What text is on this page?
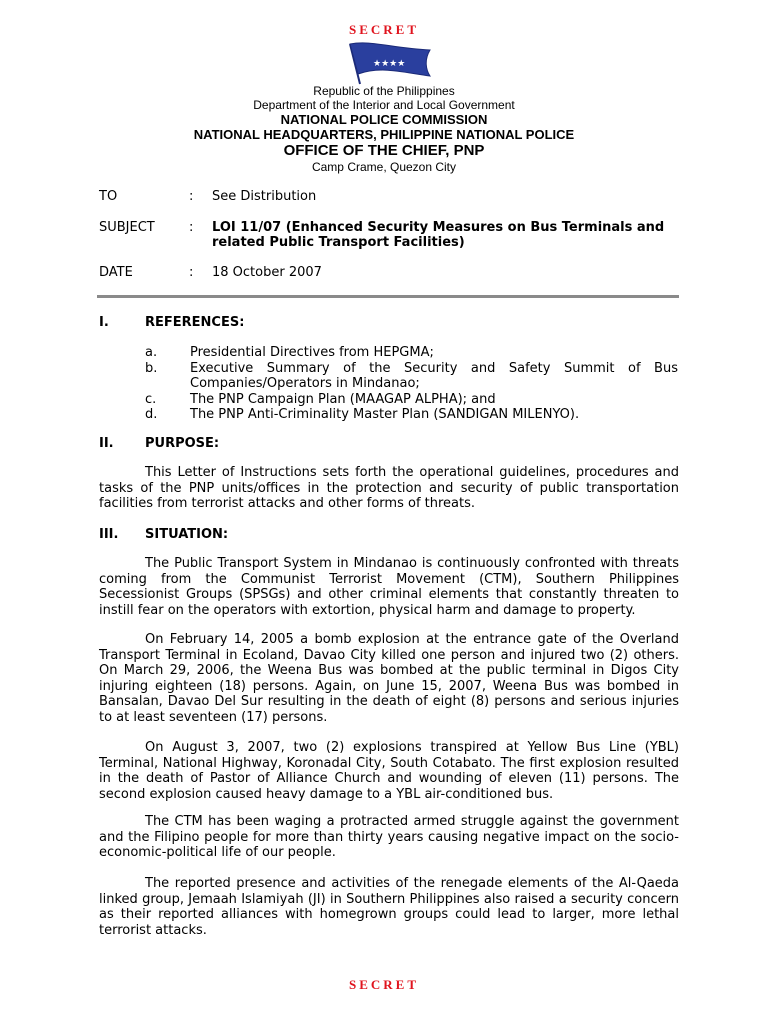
SECRET
★★★★
Republic of the Philippines
Department of the Interior and Local Government
NATIONAL POLICE COMMISSION
NATIONAL HEADQUARTERS, PHILIPPINE NATIONAL POLICE
OFFICE OF THE CHIEF, PNP
Camp Crame, Quezon City
TO	: See Distribution
SUBJECT	: LOI 11/07 (Enhanced Security Measures on Bus Terminals and related Public Transport Facilities)
DATE	: 18 October 2007
I.	REFERENCES:
a.	Presidential Directives from HEPGMA;
b.	Executive Summary of the Security and Safety Summit of Bus Companies/Operators in Mindanao;
c.	The PNP Campaign Plan (MAAGAP ALPHA); and
d.	The PNP Anti-Criminality Master Plan (SANDIGAN MILENYO).
II. PURPOSE:
This Letter of Instructions sets forth the operational guidelines, procedures and tasks of the PNP units/offices in the protection and security of public transportation facilities from terrorist attacks and other forms of threats.
III. SITUATION:
The Public Transport System in Mindanao is continuously confronted with threats coming from the Communist Terrorist Movement (CTM), Southern Philippines Secessionist Groups (SPSGs) and other criminal elements that constantly threaten to instill fear on the operators with extortion, physical harm and damage to property.
On February 14, 2005 a bomb explosion at the entrance gate of the Overland Transport Terminal in Ecoland, Davao City killed one person and injured two (2) others. On March 29, 2006, the Weena Bus was bombed at the public terminal in Digos City injuring eighteen (18) persons. Again, on June 15, 2007, Weena Bus was bombed in Bansalan, Davao Del Sur resulting in the death of eight (8) persons and serious injuries to at least seventeen (17) persons.
On August 3, 2007, two (2) explosions transpired at Yellow Bus Line (YBL) Terminal, National Highway, Koronadal City, South Cotabato. The first explosion resulted in the death of Pastor of Alliance Church and wounding of eleven (11) persons. The second explosion caused heavy damage to a YBL air-conditioned bus.
The CTM has been waging a protracted armed struggle against the government and the Filipino people for more than thirty years causing negative impact on the socio-economic-political life of our people.
The reported presence and activities of the renegade elements of the Al-Qaeda linked group, Jemaah Islamiyah (JI) in Southern Philippines also raised a security concern as their reported alliances with homegrown groups could lead to larger, more lethal terrorist attacks.
SECRET
